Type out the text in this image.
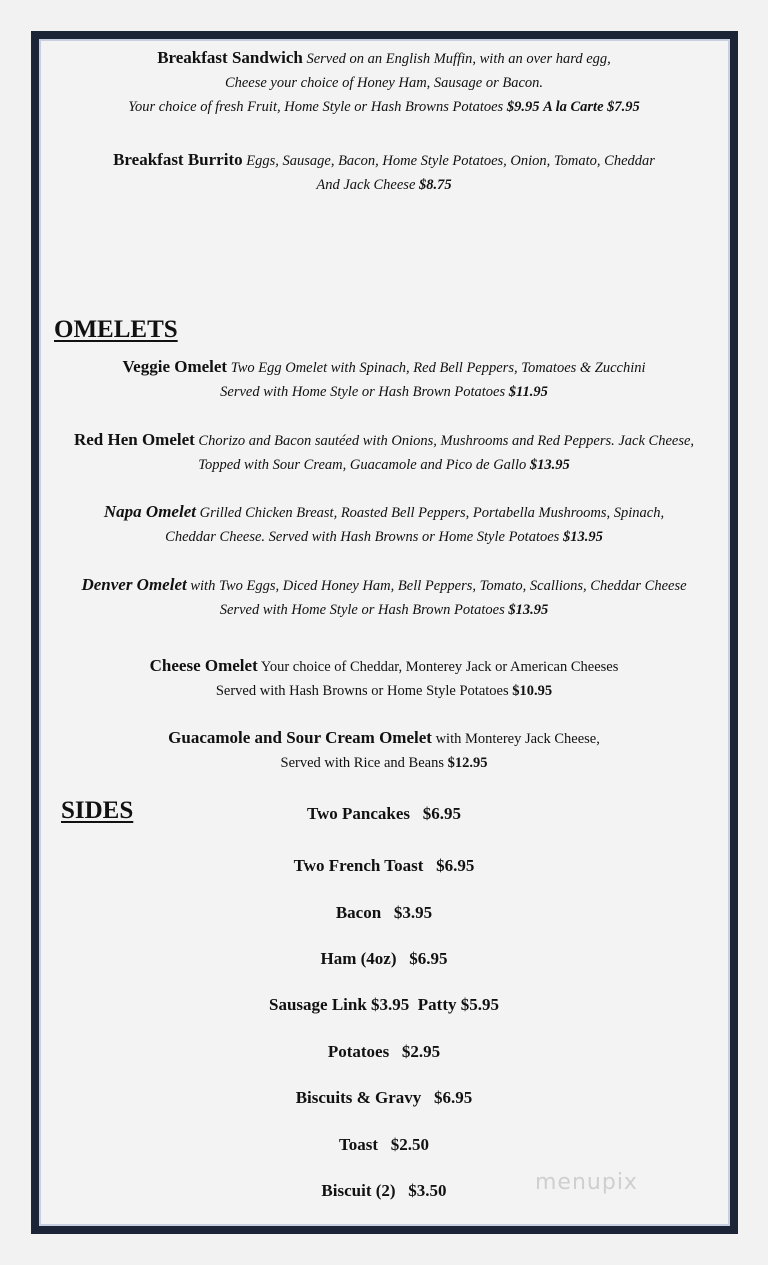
Breakfast Sandwich Served on an English Muffin, with an over hard egg,
Cheese your choice of Honey Ham, Sausage or Bacon.
Your choice of fresh Fruit, Home Style or Hash Browns Potatoes $9.95 A la Carte $7.95
Breakfast Burrito Eggs, Sausage, Bacon, Home Style Potatoes, Onion, Tomato, Cheddar
And Jack Cheese $8.75
OMELETS
Veggie Omelet Two Egg Omelet with Spinach, Red Bell Peppers, Tomatoes & Zucchini
Served with Home Style or Hash Brown Potatoes $11.95
Red Hen Omelet Chorizo and Bacon sautéed with Onions, Mushrooms and Red Peppers. Jack Cheese,
Topped with Sour Cream, Guacamole and Pico de Gallo $13.95
Napa Omelet Grilled Chicken Breast, Roasted Bell Peppers, Portabella Mushrooms, Spinach,
Cheddar Cheese. Served with Hash Browns or Home Style Potatoes $13.95
Denver Omelet with Two Eggs, Diced Honey Ham, Bell Peppers, Tomato, Scallions, Cheddar Cheese
Served with Home Style or Hash Brown Potatoes $13.95
Cheese Omelet Your choice of Cheddar, Monterey Jack or American Cheeses
Served with Hash Browns or Home Style Potatoes $10.95
Guacamole and Sour Cream Omelet with Monterey Jack Cheese,
Served with Rice and Beans $12.95
SIDES	Two Pancakes   $6.95
Two French Toast   $6.95
Bacon   $3.95
Ham (4oz)   $6.95
Sausage Link $3.95  Patty $5.95
Potatoes   $2.95
Biscuits & Gravy   $6.95
Toast   $2.50
Biscuit (2)   $3.50	menupix
